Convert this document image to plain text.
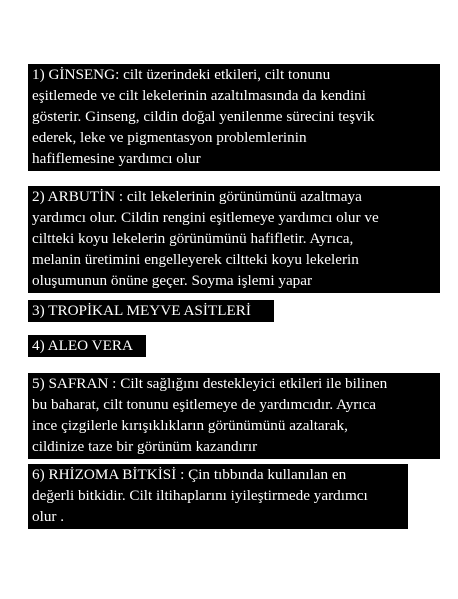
1) GİNSENG: cilt üzerindeki etkileri, cilt tonunu
eşitlemede ve cilt lekelerinin azaltılmasında da kendini
gösterir. Ginseng, cildin doğal yenilenme sürecini teşvik
ederek, leke ve pigmentasyon problemlerinin
hafiflemesine yardımcı olur
2) ARBUTİN : cilt lekelerinin görünümünü azaltmaya
yardımcı olur. Cildin rengini eşitlemeye yardımcı olur ve
ciltteki koyu lekelerin görünümünü hafifletir. Ayrıca,
melanin üretimini engelleyerek ciltteki koyu lekelerin
oluşumunun önüne geçer. Soyma işlemi yapar
3) TROPİKAL MEYVE ASİTLERİ
4) ALEO VERA
5) SAFRAN : Cilt sağlığını destekleyici etkileri ile bilinen
bu baharat, cilt tonunu eşitlemeye de yardımcıdır. Ayrıca
ince çizgilerle kırışıklıkların görünümünü azaltarak,
cildinize taze bir görünüm kazandırır
6) RHİZOMA BİTKİSİ : Çin tıbbında kullanılan en
değerli bitkidir. Cilt iltihaplarını iyileştirmede yardımcı
olur .
